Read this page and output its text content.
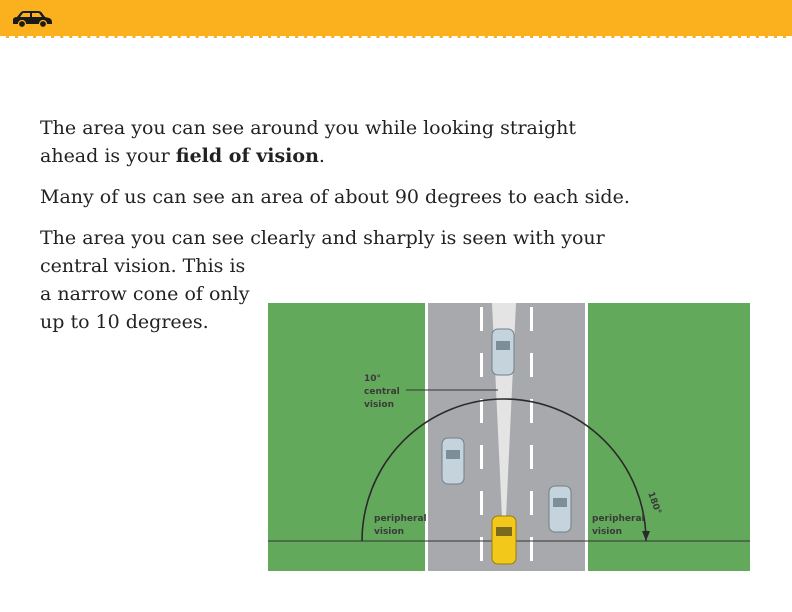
The area you can see around you while looking straight ahead is your field of vision.

Many of us can see an area of about 90 degrees to each side.

The area you can see clearly and sharply is seen with your
central vision. This is a narrow cone of only up to 10 degrees.

10°
central
vision
180°
peripheral
vision
peripheral
vision
